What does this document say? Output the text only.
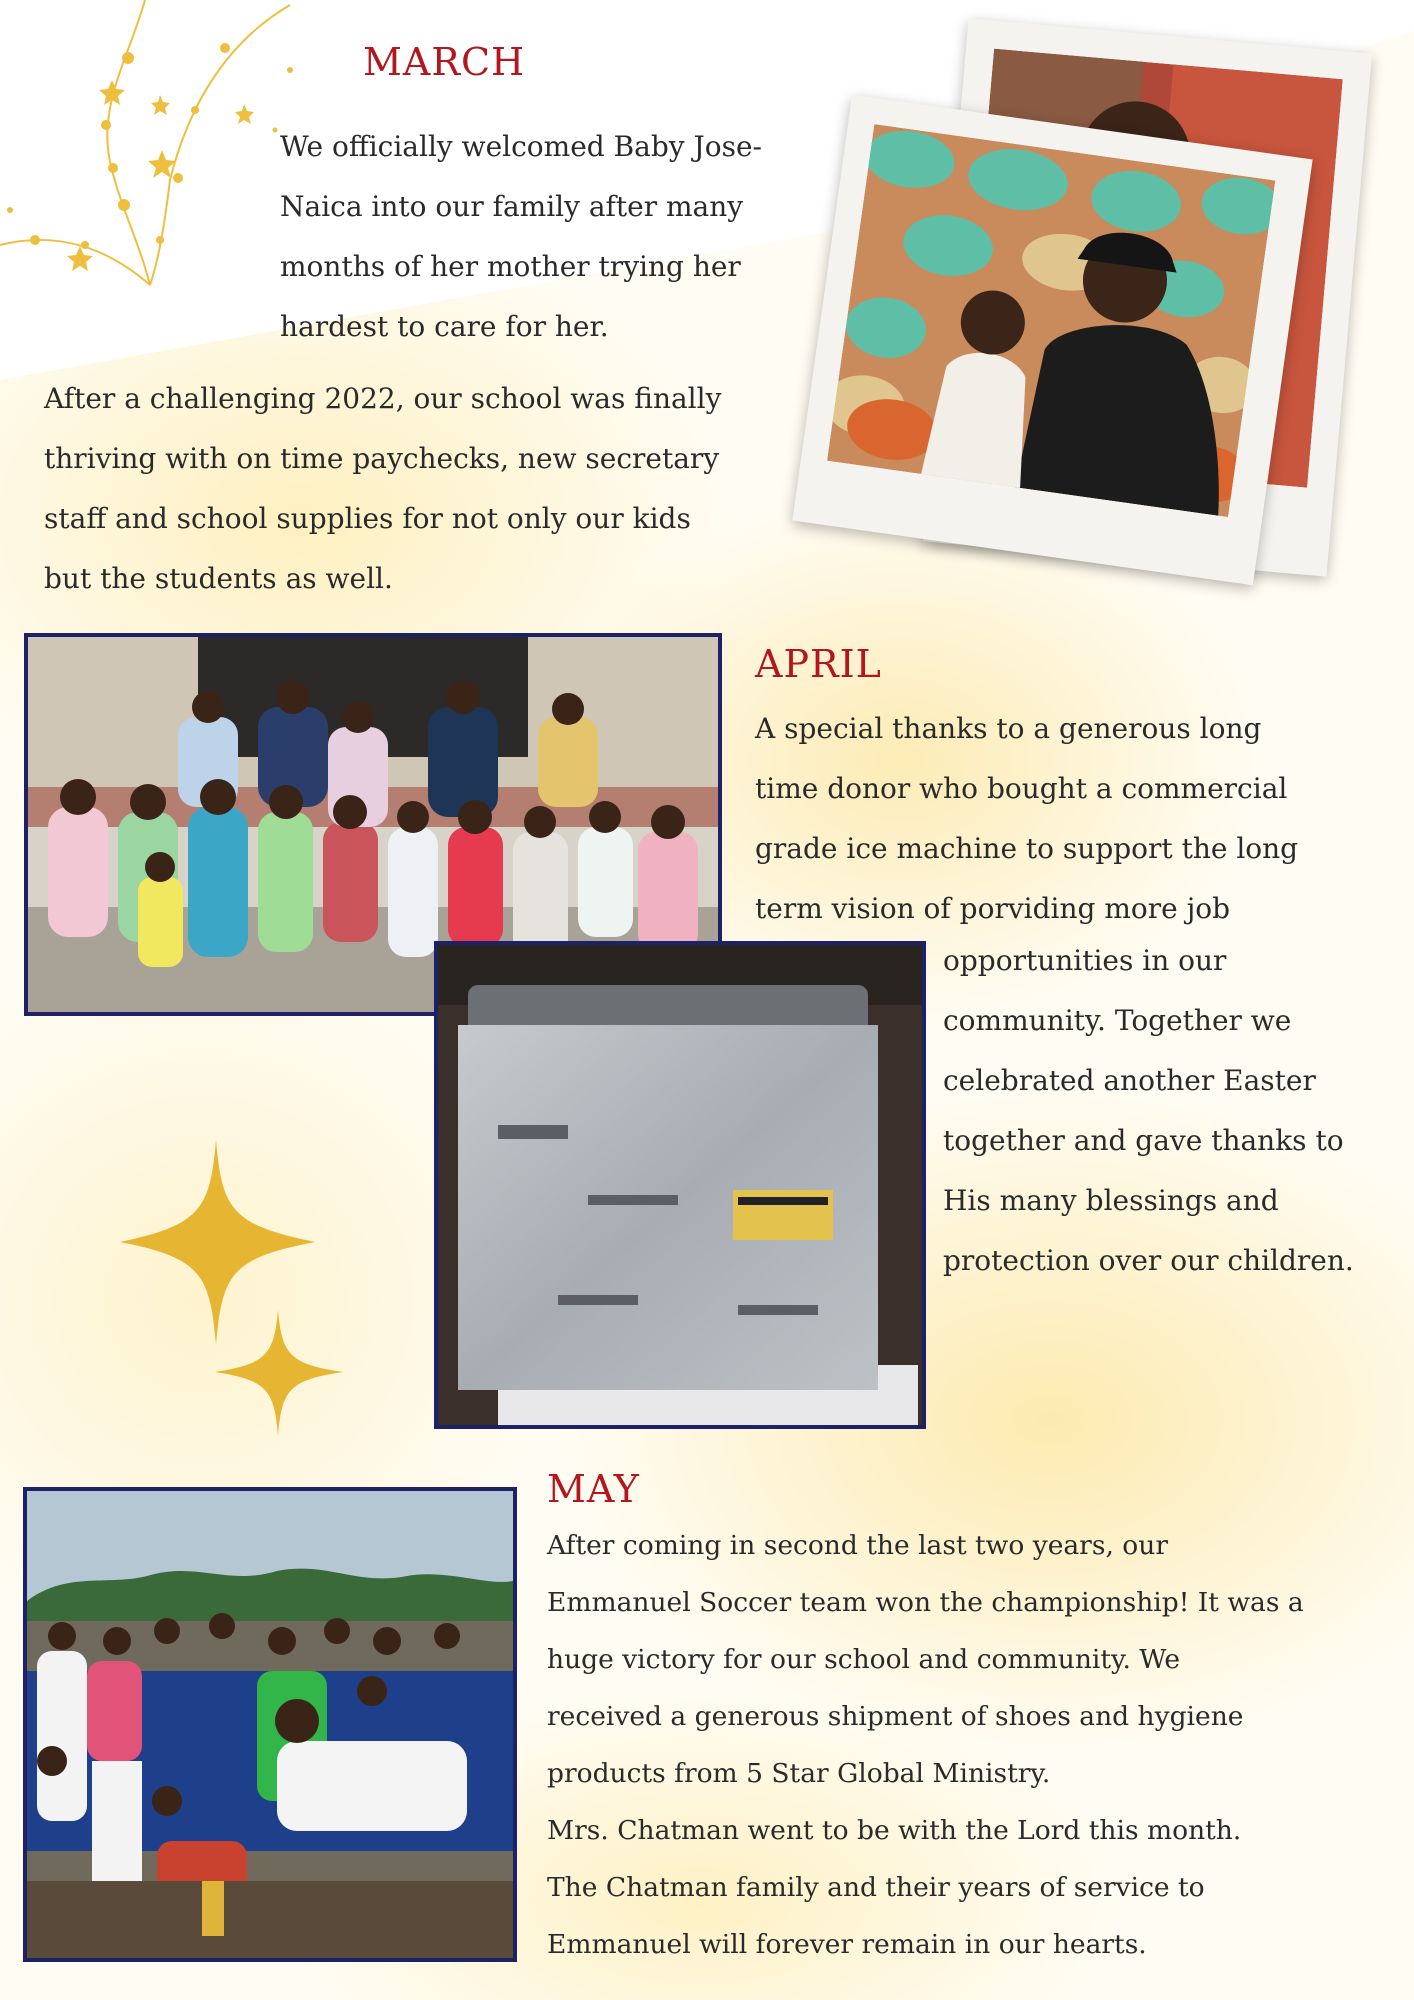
MARCH
We officially welcomed Baby Jose-
Naica into our family after many
months of her mother trying her
hardest to care for her.
After a challenging 2022, our school was finally
thriving with on time paychecks, new secretary
staff and school supplies for not only our kids
but the students as well.
APRIL
A special thanks to a generous long
time donor who bought a commercial
grade ice machine to support the long
term vision of porviding more job
opportunities in our
community. Together we
celebrated another Easter
together and gave thanks to
His many blessings and
protection over our children.
MAY
After coming in second the last two years, our
Emmanuel Soccer team won the championship! It was a
huge victory for our school and community. We
received a generous shipment of shoes and hygiene
products from 5 Star Global Ministry.
Mrs. Chatman went to be with the Lord this month.
The Chatman family and their years of service to
Emmanuel will forever remain in our hearts.
